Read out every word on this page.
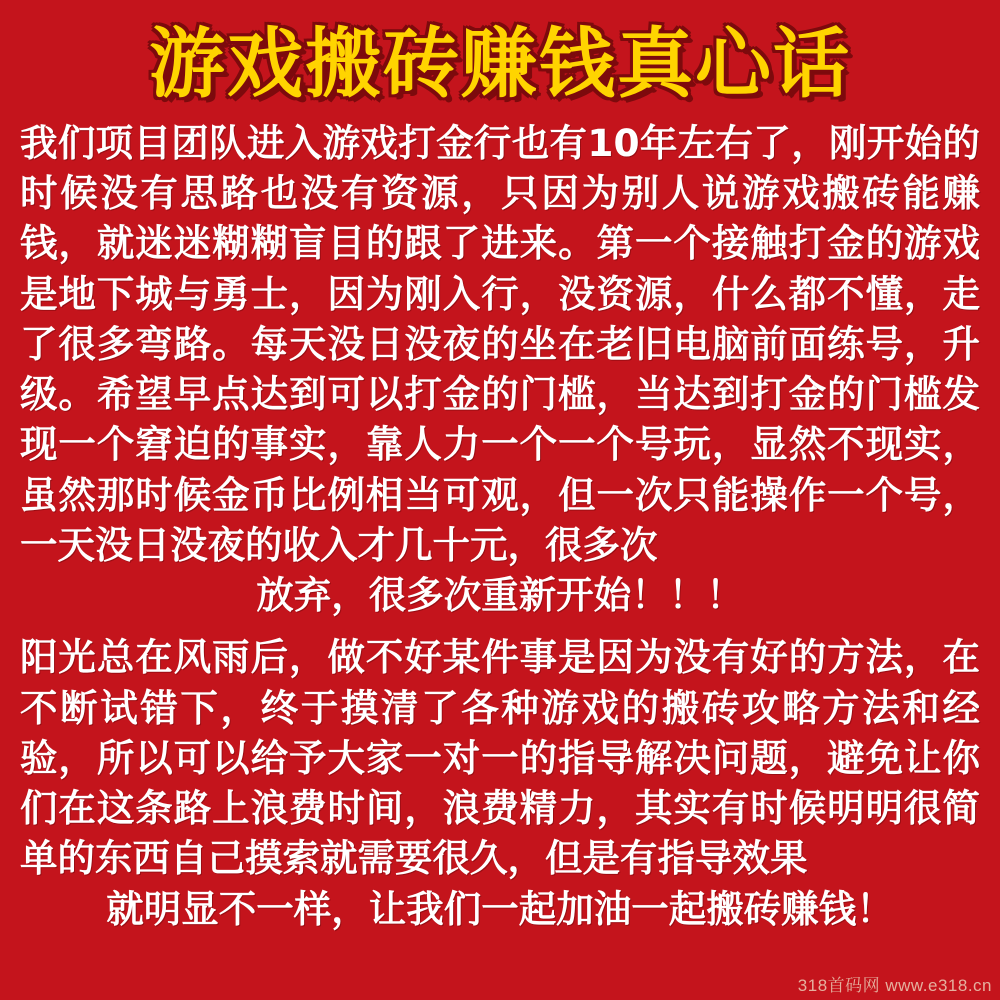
游戏搬砖赚钱真心话
我们项目团队进入游戏打金行也有10年左右了，刚开始的时候没有思路也没有资源，只因为别人说游戏搬砖能赚钱，就迷迷糊糊盲目的跟了进来。第一个接触打金的游戏是地下城与勇士，因为刚入行，没资源，什么都不懂，走了很多弯路。每天没日没夜的坐在老旧电脑前面练号，升级。希望早点达到可以打金的门槛，当达到打金的门槛发现一个窘迫的事实，靠人力一个一个号玩，显然不现实，虽然那时候金币比例相当可观，但一次只能操作一个号，一天没日没夜的收入才几十元，很多次
放弃，很多次重新开始！！！
阳光总在风雨后，做不好某件事是因为没有好的方法，在不断试错下，终于摸清了各种游戏的搬砖攻略方法和经验，所以可以给予大家一对一的指导解决问题，避免让你们在这条路上浪费时间，浪费精力，其实有时候明明很简单的东西自己摸索就需要很久，但是有指导效果
就明显不一样，让我们一起加油一起搬砖赚钱！
318首码网 www.e318.cn
